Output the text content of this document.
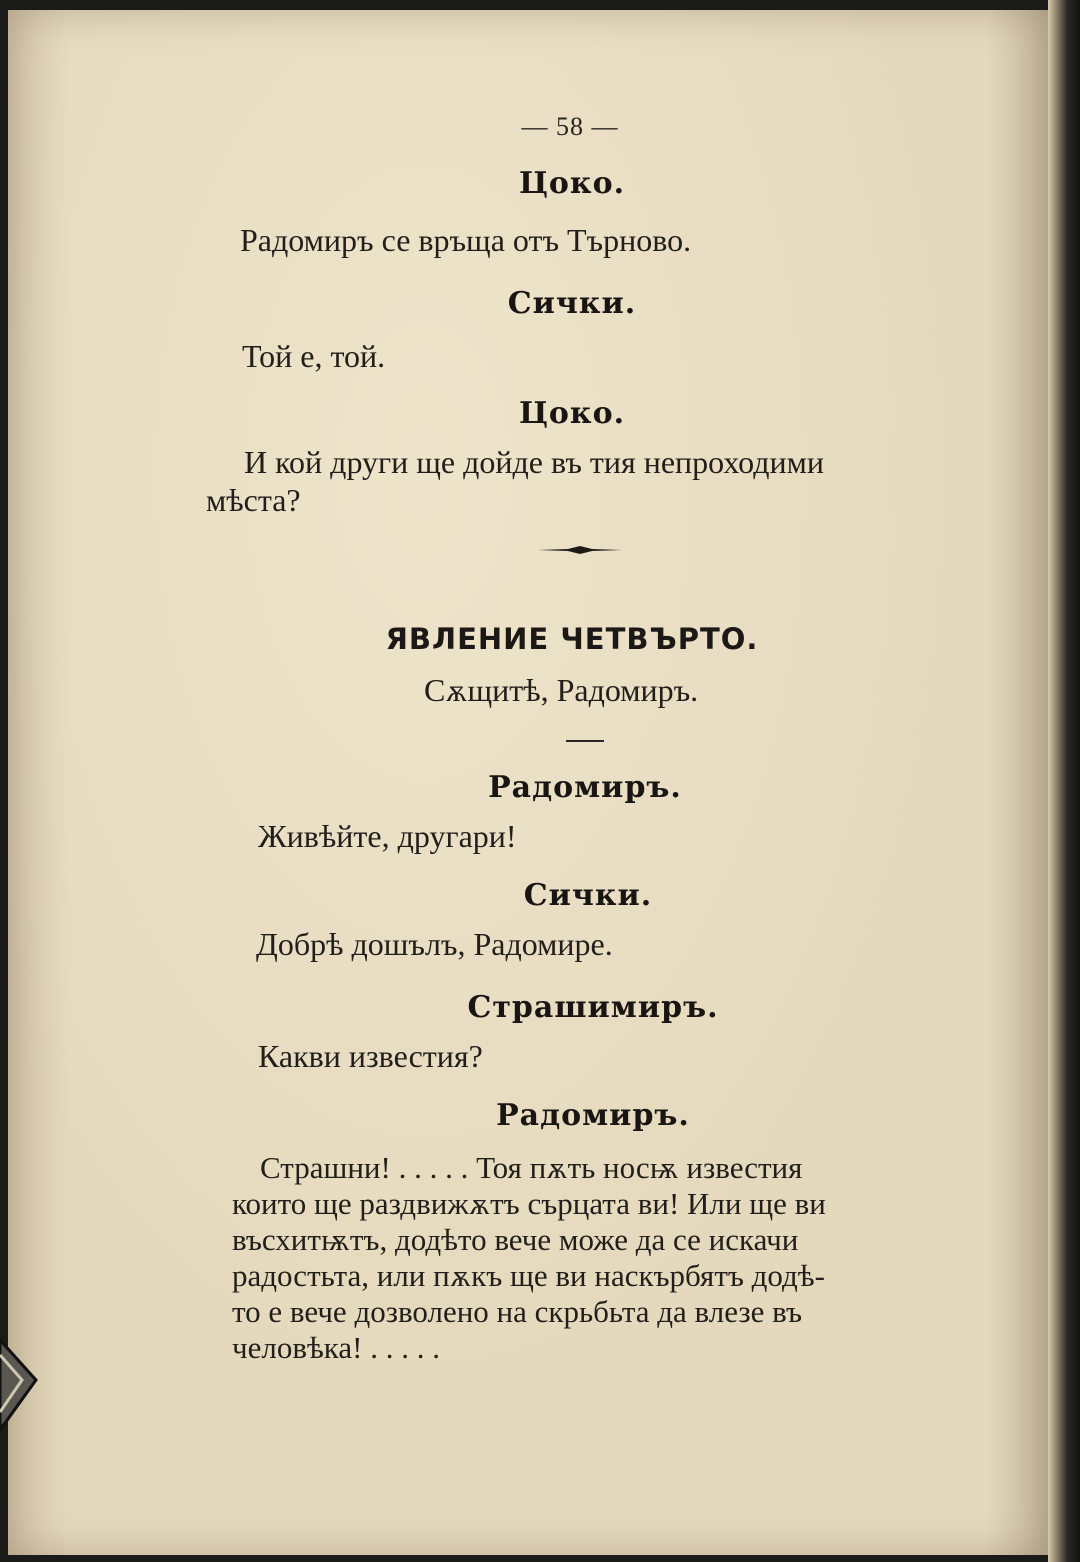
— 58 —
Цоко.
Радомиръ се връща отъ Търново.
Сички.
Той е, той.
Цоко.
И кой други ще дойде въ тия непроходими
мѣста?
ЯВЛЕНИЕ ЧЕТВЪРТО.
Сѫщитѣ, Радомиръ.
Радомиръ.
Живѣйте, другари!
Сички.
Добрѣ дошълъ, Радомире.
Страшимиръ.
Какви известия?
Радомиръ.
Страшни! . . . . . Тоя пѫть носѭ известия
които ще раздвижѫтъ сърцата ви! Или ще ви
въсхитѭтъ, додѣто вече може да се искачи
радостьта, или пѫкъ ще ви наскърбятъ додѣ-
то е вече дозволено на скрьбьта да влезе въ
человѣка! . . . . .
